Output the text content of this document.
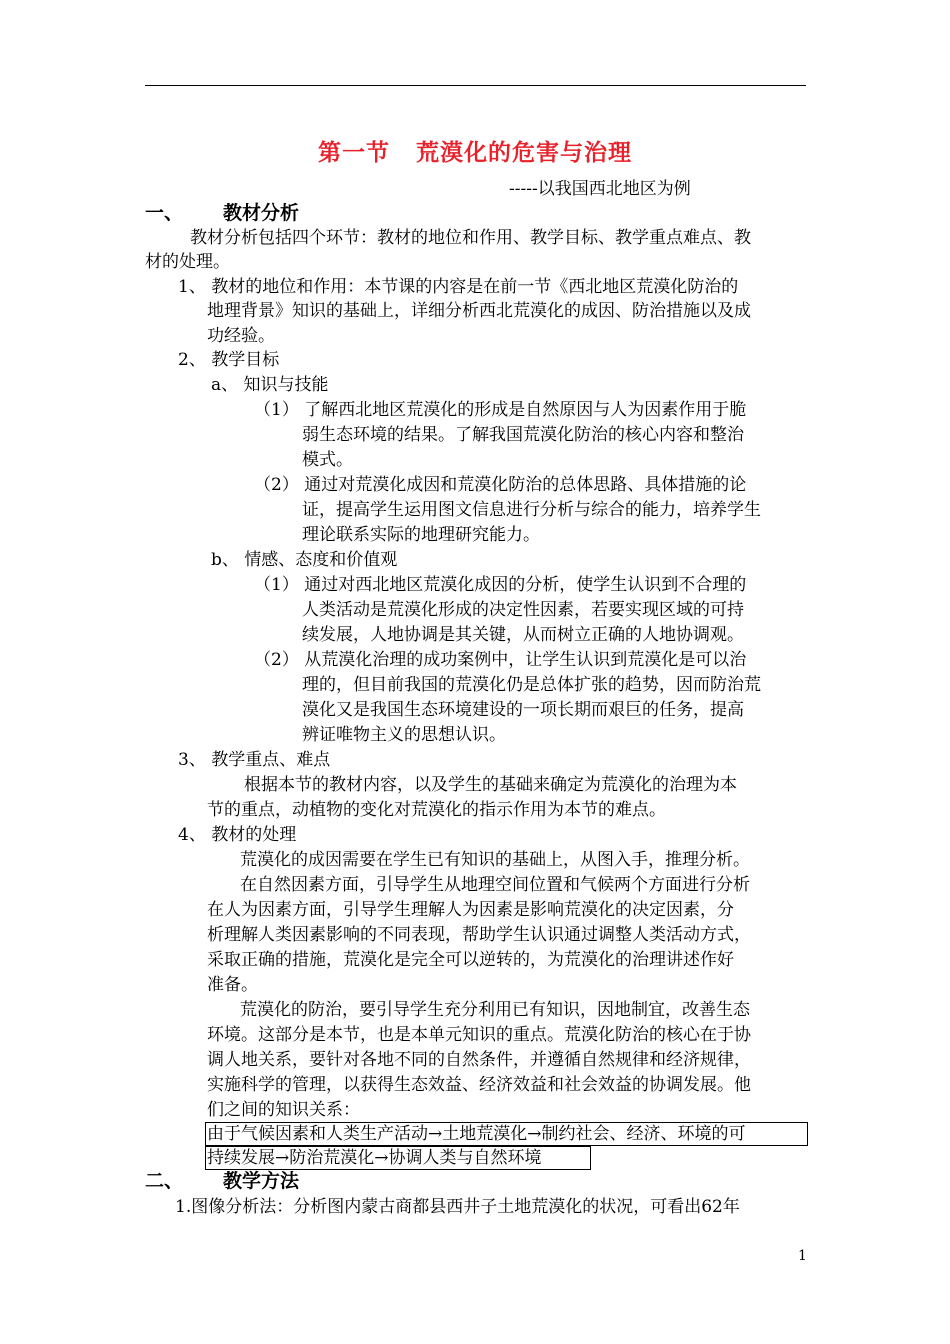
第一节 荒漠化的危害与治理
-----以我国西北地区为例
一、 教材分析
教材分析包括四个环节：教材的地位和作用、教学目标、教学重点难点、教
材的处理。
1、 教材的地位和作用：本节课的内容是在前一节《西北地区荒漠化防治的
地理背景》知识的基础上，详细分析西北荒漠化的成因、防治措施以及成
功经验。
2、 教学目标
a、 知识与技能
（1） 了解西北地区荒漠化的形成是自然原因与人为因素作用于脆
弱生态环境的结果。了解我国荒漠化防治的核心内容和整治
模式。
（2） 通过对荒漠化成因和荒漠化防治的总体思路、具体措施的论
证，提高学生运用图文信息进行分析与综合的能力，培养学生
理论联系实际的地理研究能力。
b、 情感、态度和价值观
（1） 通过对西北地区荒漠化成因的分析，使学生认识到不合理的
人类活动是荒漠化形成的决定性因素，若要实现区域的可持
续发展，人地协调是其关键，从而树立正确的人地协调观。
（2） 从荒漠化治理的成功案例中，让学生认识到荒漠化是可以治
理的，但目前我国的荒漠化仍是总体扩张的趋势，因而防治荒
漠化又是我国生态环境建设的一项长期而艰巨的任务，提高
辨证唯物主义的思想认识。
3、 教学重点、难点
根据本节的教材内容，以及学生的基础来确定为荒漠化的治理为本
节的重点，动植物的变化对荒漠化的指示作用为本节的难点。
4、 教材的处理
荒漠化的成因需要在学生已有知识的基础上，从图入手，推理分析。
在自然因素方面，引导学生从地理空间位置和气候两个方面进行分析
在人为因素方面，引导学生理解人为因素是影响荒漠化的决定因素，分
析理解人类因素影响的不同表现，帮助学生认识通过调整人类活动方式，
采取正确的措施，荒漠化是完全可以逆转的，为荒漠化的治理讲述作好
准备。
荒漠化的防治，要引导学生充分利用已有知识，因地制宜，改善生态
环境。这部分是本节，也是本单元知识的重点。荒漠化防治的核心在于协
调人地关系，要针对各地不同的自然条件，并遵循自然规律和经济规律，
实施科学的管理，以获得生态效益、经济效益和社会效益的协调发展。他
们之间的知识关系：
由于气候因素和人类生产活动→土地荒漠化→制约社会、经济、环境的可
持续发展→防治荒漠化→协调人类与自然环境
二、 教学方法
1.图像分析法：分析图内蒙古商都县西井子土地荒漠化的状况，可看出62年
1
